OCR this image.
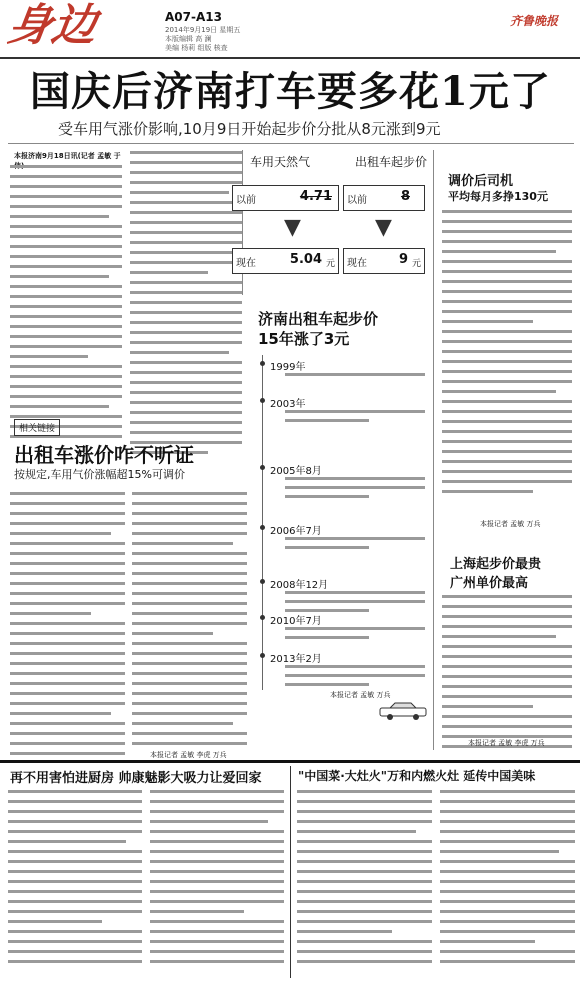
身边	A07-A13
2014年9月19日 星期五
本版编辑 高 澜
美编 杨莉 组版 核查
齐鲁晚报
国庆后济南打车要多花1元了
受车用气涨价影响,10月9日开始起步价分批从8元涨到9元
本报济南9月18日讯(记者 孟敏 于	车用天然气	出租车起步价
以前	4.71
现在	5.04 元
▼
以前	8
现在 9 元
▼
调价后司机
平均每月多挣130元
本报记者 孟敏 万兵
济南出租车起步价
15年涨了3元
1999年
2003年
2005年8月
2006年7月
2008年12月
2010年7月
2013年2月
本报记者 孟敏 万兵
相关链接
出租车涨价咋不听证
按规定,车用气价涨幅超15%可调价
本报记者 孟敏 李虎 万兵
上海起步价最贵
广州单价最高
本报记者 孟敏 李虎 万兵
再不用害怕进厨房 帅康魅影大吸力让爱回家	"中国菜·大灶火"万和内燃火灶 延传中国美味
